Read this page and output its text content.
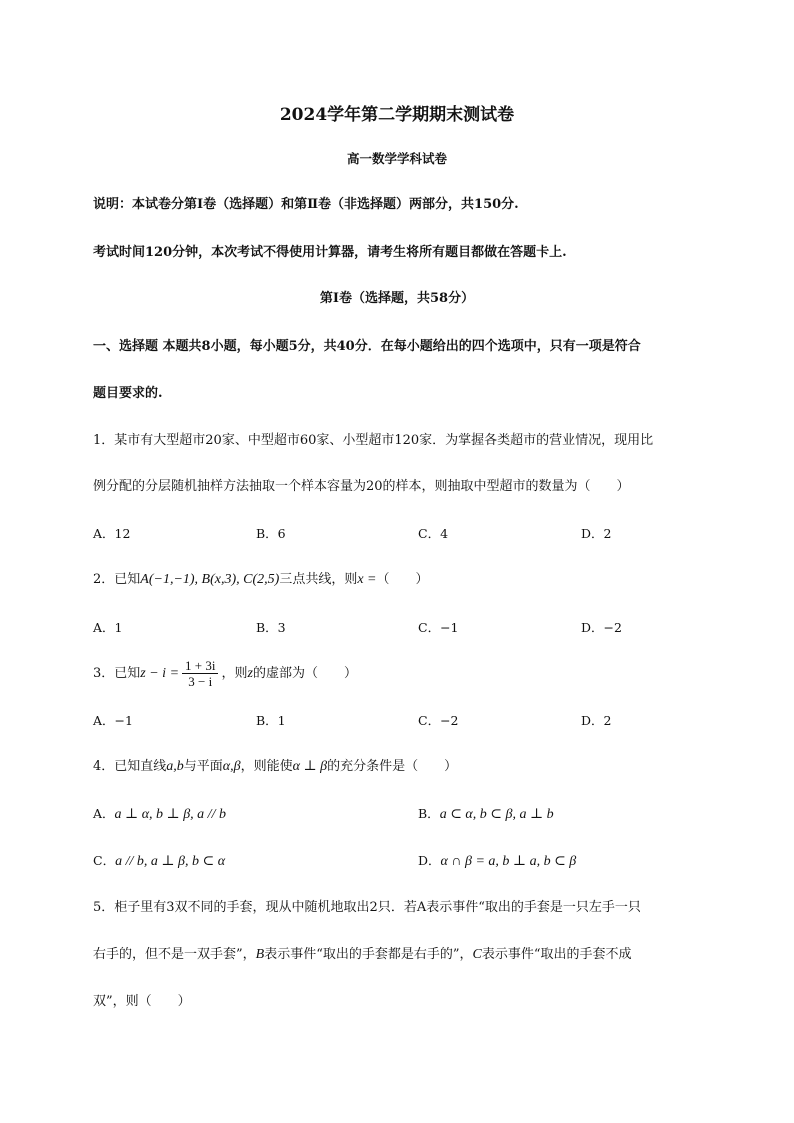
2024学年第二学期期末测试卷
高一数学学科试卷
说明：本试卷分第Ⅰ卷（选择题）和第Ⅱ卷（非选择题）两部分，共150分.
考试时间120分钟，本次考试不得使用计算器，请考生将所有题目都做在答题卡上.
第Ⅰ卷（选择题，共58分）
一、选择题 本题共8小题，每小题5分，共40分．在每小题给出的四个选项中，只有一项是符合
题目要求的.
1．某市有大型超市20家、中型超市60家、小型超市120家．为掌握各类超市的营业情况，现用比
例分配的分层随机抽样方法抽取一个样本容量为20的样本，则抽取中型超市的数量为（　　）
A．12	B．6	C．4	D．2
2．已知A(−1,−1), B(x,3), C(2,5)三点共线，则x =（　　）
A．1	B．3	C．−1	D．−2
3．已知$z - i = \frac{1 + 3i}{3 - i}$ ，则z的虚部为（　　）
A．−1	B．1	C．−2	D．2
4．已知直线a,b与平面α,β，则能使α ⊥ β的充分条件是（　　）
A．a ⊥ α, b ⊥ β, a // b	B．a ⊂ α, b ⊂ β, a ⊥ b
C．a // b, a ⊥ β, b ⊂ α	D．α ∩ β = a, b ⊥ a, b ⊂ β
5．柜子里有3双不同的手套，现从中随机地取出2只．若A表示事件“取出的手套是一只左手一只
右手的，但不是一双手套”，B表示事件“取出的手套都是右手的”，C表示事件“取出的手套不成
双”，则（　　）
